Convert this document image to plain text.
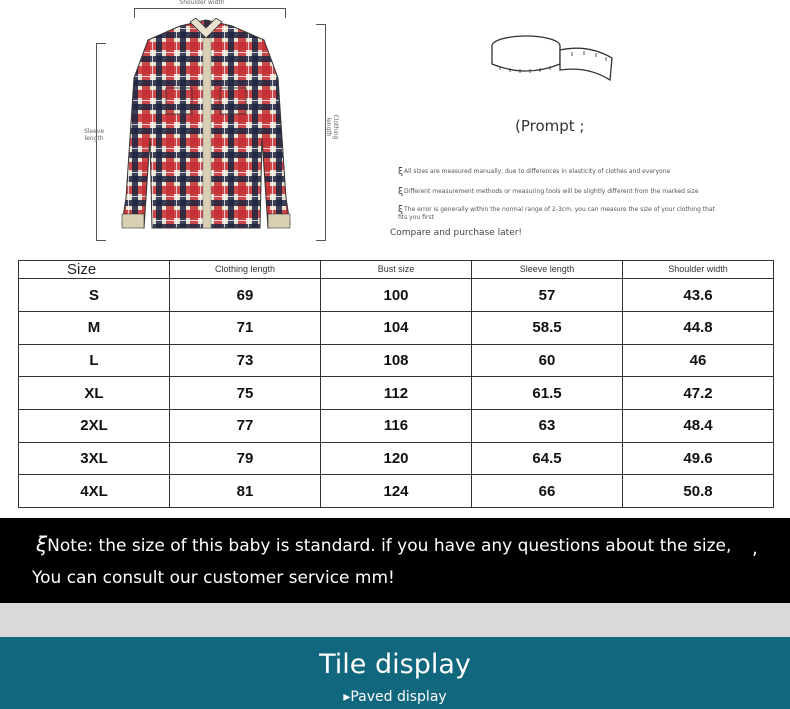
Shoulder width
Sleeve length	Clothing length	(Prompt ;
ξAll sizes are measured manually, due to differences in elasticity of clothes and everyone
ξDifferent measurement methods or measuring tools will be slightly different from the marked size
ξThe error is generally within the normal range of 2-3cm, you can measure the size of your clothing that fits you first
Compare and purchase later!
Size	Clothing length	Bust size	Sleeve length	Shoulder width
S	69	100	57	43.6
M	71	104	58.5	44.8
L	73	108	60	46
XL	75	112	61.5	47.2
2XL	77	116	63	48.4
3XL	79	120	64.5	49.6
4XL	81	124	66	50.8
ξNote: the size of this baby is standard. if you have any questions about the size,
You can consult our customer service mm!
,
Tile display
▸Paved display
